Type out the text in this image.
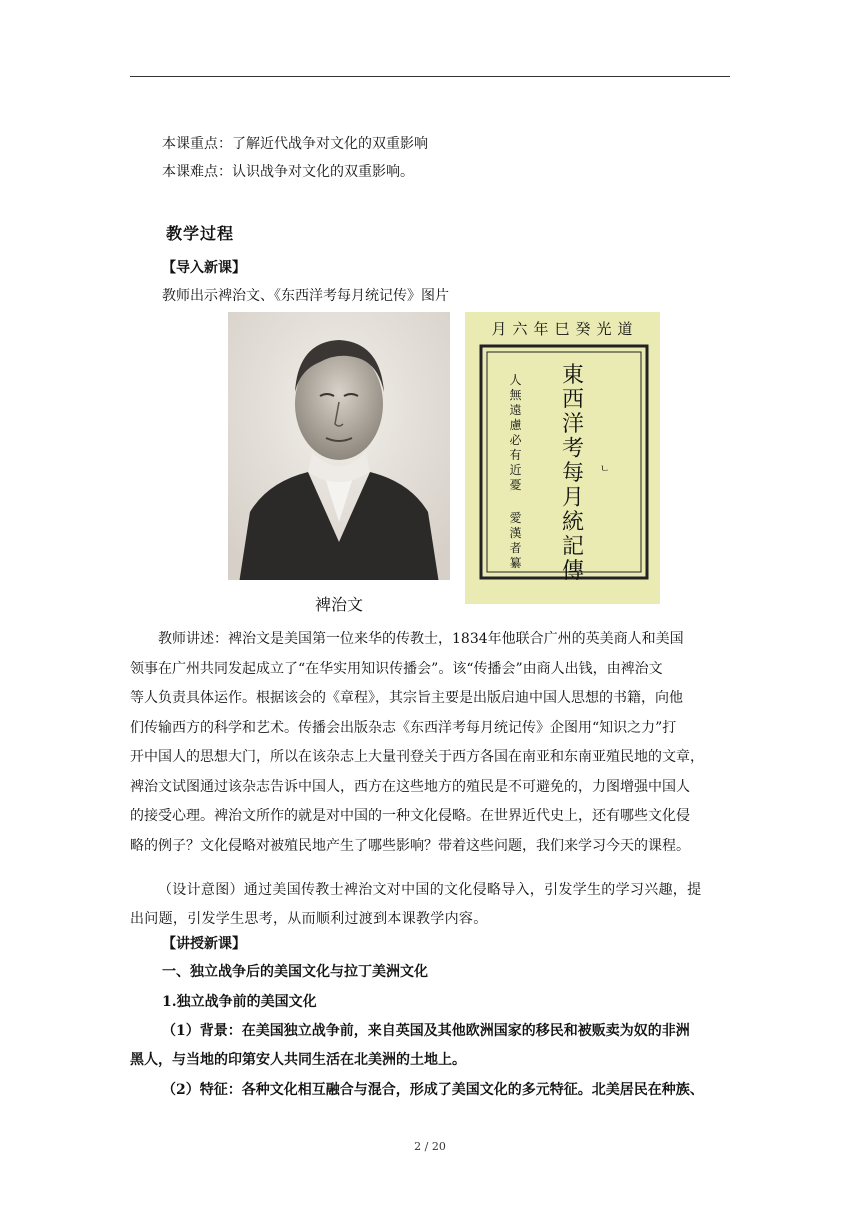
本课重点：了解近代战争对文化的双重影响
本课难点：认识战争对文化的双重影响。
教学过程
【导入新课】
教师出示裨治文、《东西洋考每月统记传》图片
裨治文
月六年巳癸光道
東西洋考每月統記傳
人無遠慮必有近憂
愛漢者纂
ㄴ
教师讲述：裨治文是美国第一位来华的传教士，1834年他联合广州的英美商人和美国
领事在广州共同发起成立了“在华实用知识传播会”。该“传播会”由商人出钱，由裨治文
等人负责具体运作。根据该会的《章程》，其宗旨主要是出版启迪中国人思想的书籍，向他
们传输西方的科学和艺术。传播会出版杂志《东西洋考每月统记传》企图用“知识之力”打
开中国人的思想大门，所以在该杂志上大量刊登关于西方各国在南亚和东南亚殖民地的文章，
裨治文试图通过该杂志告诉中国人，西方在这些地方的殖民是不可避免的，力图增强中国人
的接受心理。裨治文所作的就是对中国的一种文化侵略。在世界近代史上，还有哪些文化侵
略的例子？文化侵略对被殖民地产生了哪些影响？带着这些问题，我们来学习今天的课程。
（设计意图）通过美国传教士裨治文对中国的文化侵略导入，引发学生的学习兴趣，提
出问题，引发学生思考，从而顺利过渡到本课教学内容。
【讲授新课】
一、独立战争后的美国文化与拉丁美洲文化
1.独立战争前的美国文化
（1）背景：在美国独立战争前，来自英国及其他欧洲国家的移民和被贩卖为奴的非洲
黑人，与当地的印第安人共同生活在北美洲的土地上。
（2）特征：各种文化相互融合与混合，形成了美国文化的多元特征。北美居民在种族、
2 / 20
